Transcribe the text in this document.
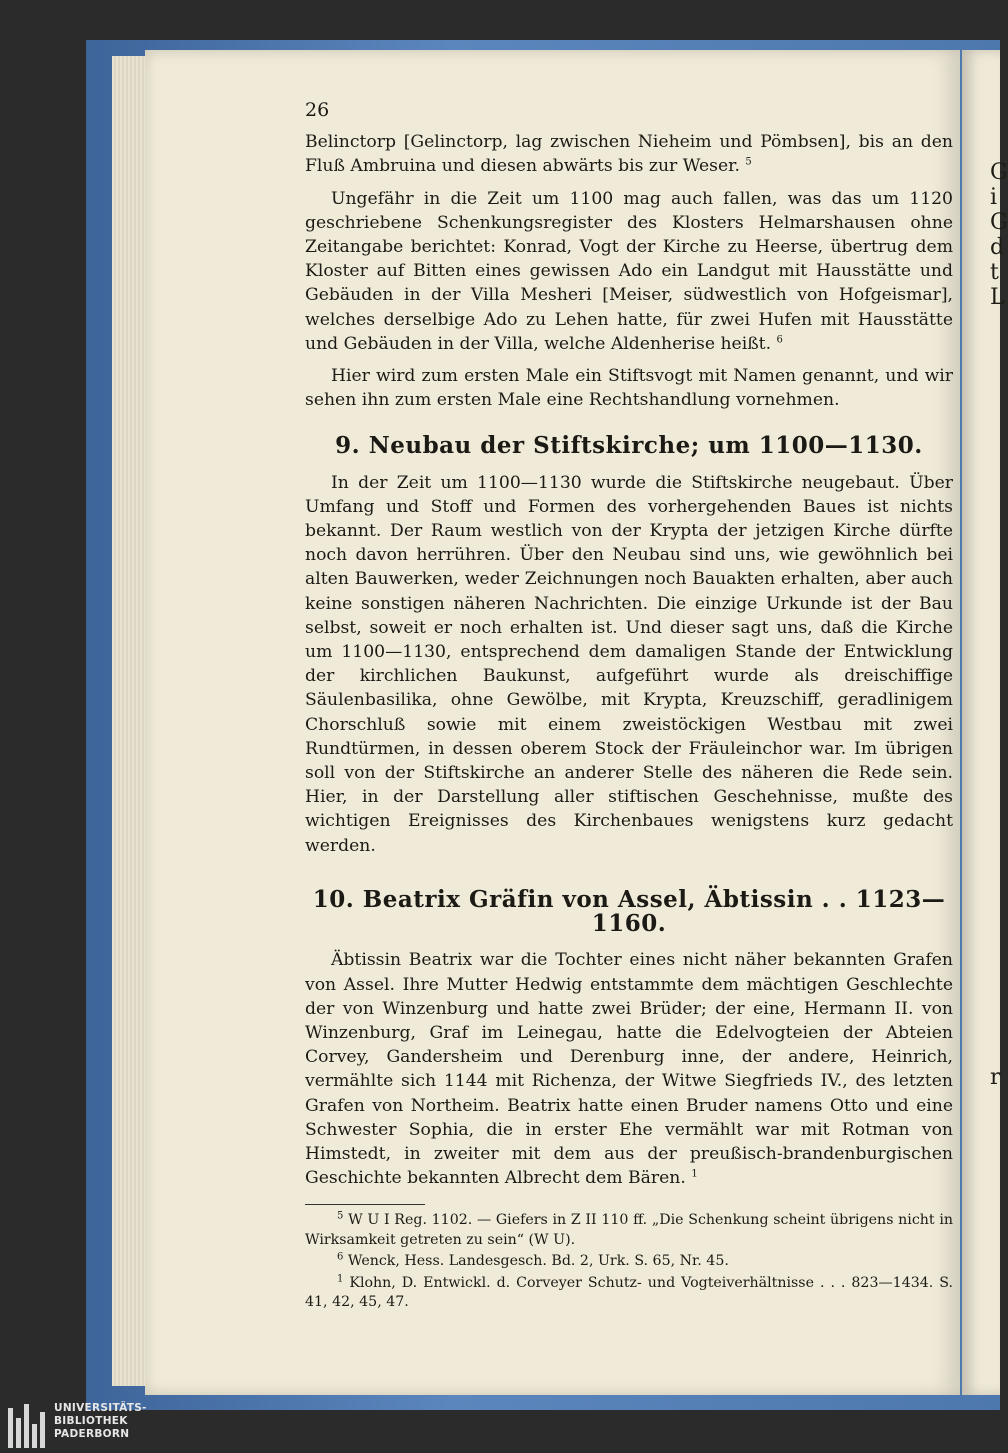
G
i
G
d
t
L
r
26

Belinctorp [Gelinctorp, lag zwischen Nieheim und Pömbsen], bis an den Fluß Ambruina und diesen abwärts bis zur Weser. $^5$

Ungefähr in die Zeit um 1100 mag auch fallen, was das um 1120 geschriebene Schenkungsregister des Klosters Helmarshausen ohne Zeitangabe berichtet: Konrad, Vogt der Kirche zu Heerse, übertrug dem Kloster auf Bitten eines gewissen Ado ein Landgut mit Hausstätte und Gebäuden in der Villa Mesheri [Meiser, südwestlich von Hofgeismar], welches derselbige Ado zu Lehen hatte, für zwei Hufen mit Hausstätte und Gebäuden in der Villa, welche Aldenherise heißt. $^6$

Hier wird zum ersten Male ein Stiftsvogt mit Namen genannt, und wir sehen ihn zum ersten Male eine Rechtshandlung vornehmen.

9. Neubau der Stiftskirche; um 1100—1130.

In der Zeit um 1100—1130 wurde die Stiftskirche neugebaut. Über Umfang und Stoff und Formen des vorhergehenden Baues ist nichts bekannt. Der Raum westlich von der Krypta der jetzigen Kirche dürfte noch davon herrühren. Über den Neubau sind uns, wie gewöhnlich bei alten Bauwerken, weder Zeichnungen noch Bauakten erhalten, aber auch keine sonstigen näheren Nachrichten. Die einzige Urkunde ist der Bau selbst, soweit er noch erhalten ist. Und dieser sagt uns, daß die Kirche um 1100—1130, entsprechend dem damaligen Stande der Entwicklung der kirchlichen Baukunst, aufgeführt wurde als dreischiffige Säulenbasilika, ohne Gewölbe, mit Krypta, Kreuzschiff, geradlinigem Chorschluß sowie mit einem zweistöckigen Westbau mit zwei Rundtürmen, in dessen oberem Stock der Fräuleinchor war. Im übrigen soll von der Stiftskirche an anderer Stelle des näheren die Rede sein. Hier, in der Darstellung aller stiftischen Geschehnisse, mußte des wichtigen Ereignisses des Kirchenbaues wenigstens kurz gedacht werden.

10. Beatrix Gräfin von Assel, Äbtissin . . 1123—1160.

Äbtissin Beatrix war die Tochter eines nicht näher bekannten Grafen von Assel. Ihre Mutter Hedwig entstammte dem mächtigen Geschlechte der von Winzenburg und hatte zwei Brüder; der eine, Hermann II. von Winzenburg, Graf im Leinegau, hatte die Edelvogteien der Abteien Corvey, Gandersheim und Derenburg inne, der andere, Heinrich, vermählte sich 1144 mit Richenza, der Witwe Siegfrieds IV., des letzten Grafen von Northeim. Beatrix hatte einen Bruder namens Otto und eine Schwester Sophia, die in erster Ehe vermählt war mit Rotman von Himstedt, in zweiter mit dem aus der preußisch-brandenburgischen Geschichte bekannten Albrecht dem Bären. $^1$

$^5$ W U I Reg. 1102. — Giefers in Z II 110 ff. „Die Schenkung scheint übrigens nicht in Wirksamkeit getreten zu sein“ (W U).

$^6$ Wenck, Hess. Landesgesch. Bd. 2, Urk. S. 65, Nr. 45.

$^1$ Klohn, D. Entwickl. d. Corveyer Schutz- und Vogteiverhältnisse . . . 823—1434. S. 41, 42, 45, 47.

UNIVERSITÄTS-
BIBLIOTHEK
PADERBORN
